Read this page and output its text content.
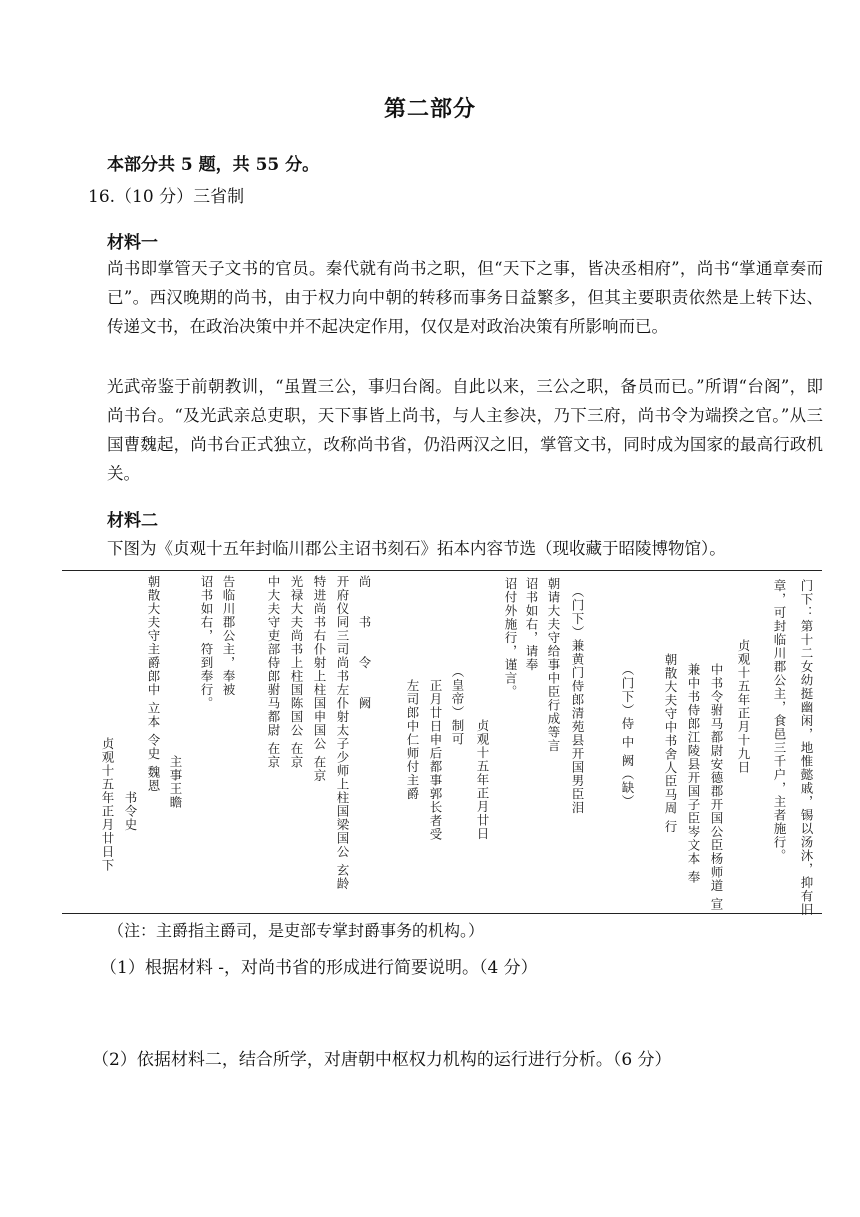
第二部分
本部分共 5 题，共 55 分。
16.（10 分）三省制
材料一
尚书即掌管天子文书的官员。秦代就有尚书之职，但“天下之事，皆决丞相府”，尚书“掌通章奏而已”。西汉晚期的尚书，由于权力向中朝的转移而事务日益繁多，但其主要职责依然是上转下达、传递文书，在政治决策中并不起决定作用，仅仅是对政治决策有所影响而已。
光武帝鉴于前朝教训，“虽置三公，事归台阁。自此以来，三公之职，备员而已。”所谓“台阁”，即尚书台。“及光武亲总吏职，天下事皆上尚书，与人主参决，乃下三府，尚书令为端揆之官。”从三国曹魏起，尚书台正式独立，改称尚书省，仍沿两汉之旧，掌管文书，同时成为国家的最高行政机关。
材料二
下图为《贞观十五年封临川郡公主诏书刻石》拓本内容节选（现收藏于昭陵博物馆）。
门下：第十二女幼挺幽闲，地惟懿戚，锡以汤沐，抑有旧
章，可封临川郡公主，食邑三千户，主者施行。
贞观十五年正月十九日
中书令驸马都尉安德郡开国公臣杨师道 宣
兼中书侍郎江陵县开国子臣岑文本 奉
朝散大夫守中书舍人臣马周 行
（门下）侍 中 阙（缺）
（门下）兼黄门侍郎清苑县开国男臣泪
朝请大夫守给事中臣行成等言
诏书如右，请奉
诏付外施行，谨言。
贞观十五年正月廿日
（皇帝）制可
正月廿日申后都事郭长者受
左司郎中仁师付主爵
尚 书 令 阙
开府仪同三司尚书左仆射太子少师上柱国梁国公 玄龄
特进尚书右仆射上柱国申国公 在京
光禄大夫尚书上柱国陈国公 在京
中大夫守吏部侍郎驸马都尉 在京
告临川郡公主，奉被
诏书如右，符到奉行。
主事王瞻
朝散大夫守主爵郎中 立本 令史 魏恩
书令史
贞观十五年正月廿日下
（注：主爵指主爵司，是吏部专掌封爵事务的机构。）
（1）根据材料 -，对尚书省的形成进行简要说明。（4 分）
（2）依据材料二，结合所学，对唐朝中枢权力机构的运行进行分析。（6 分）
